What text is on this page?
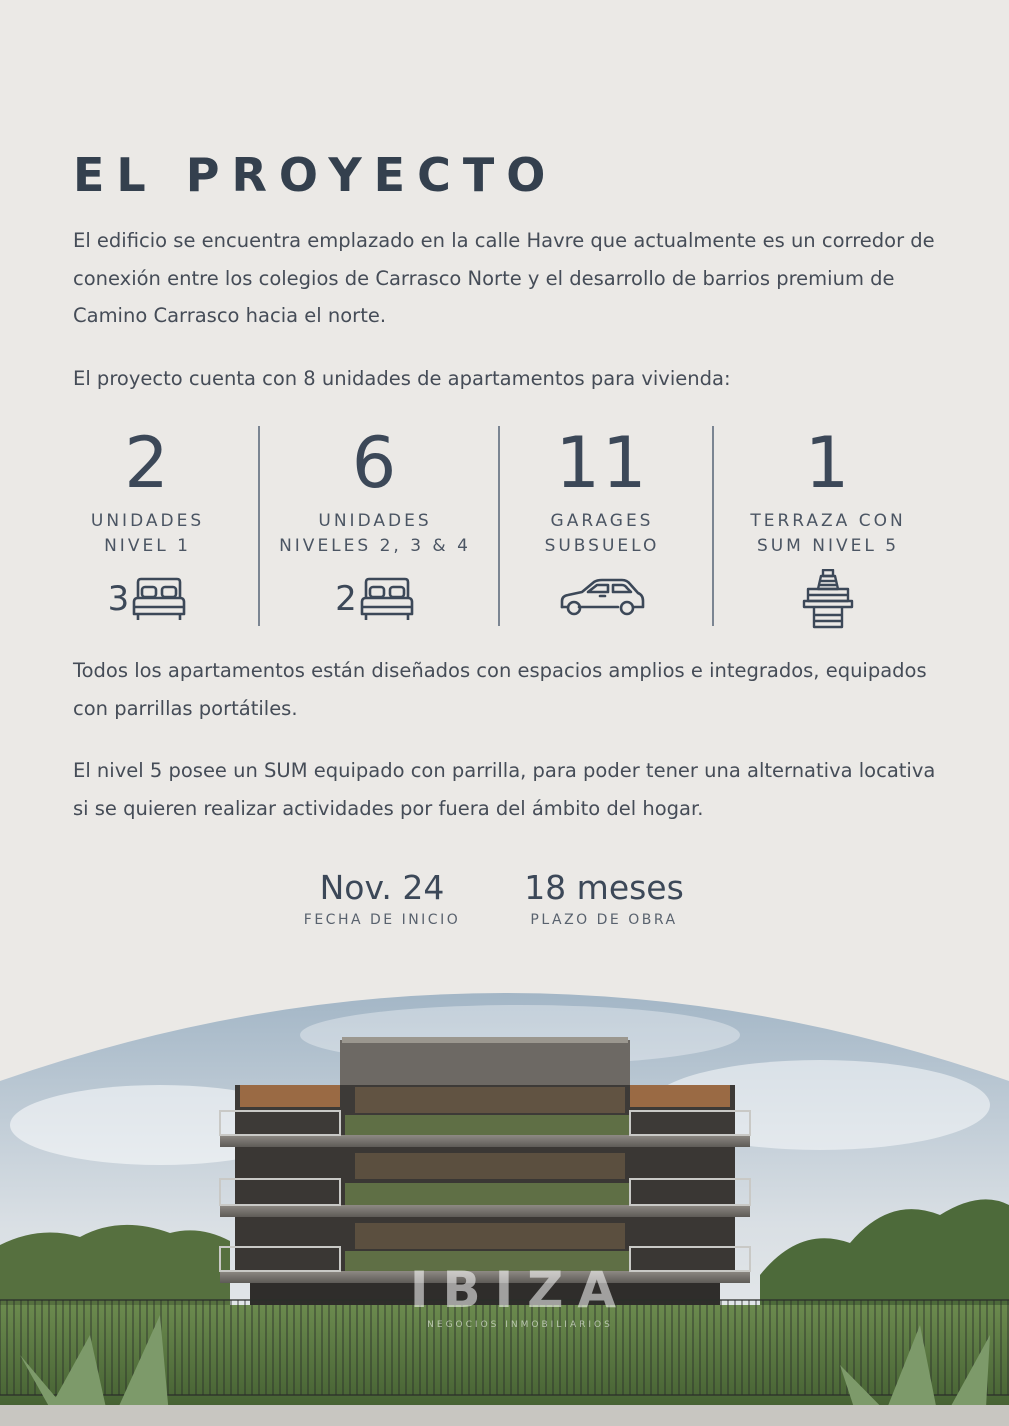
EL PROYECTO

El edificio se encuentra emplazado en la calle Havre que actualmente es un corredor de conexión entre los colegios de Carrasco Norte y el desarrollo de barrios premium de Camino Carrasco hacia el norte.

El proyecto cuenta con 8 unidades de apartamentos para vivienda:

2
UNIDADES
NIVEL 1
3
6
UNIDADES
NIVELES 2, 3 & 4
2
11
GARAGES
SUBSUELO
1
TERRAZA CON
SUM NIVEL 5

Todos los apartamentos están diseñados con espacios amplios e integrados, equipados con parrillas portátiles.

El nivel 5 posee un SUM equipado con parrilla, para poder tener una alternativa locativa si se quieren realizar actividades por fuera del ámbito del hogar.

Nov. 24
FECHA DE INICIO
18 meses
PLAZO DE OBRA
IBIZA
NEGOCIOS INMOBILIARIOS
